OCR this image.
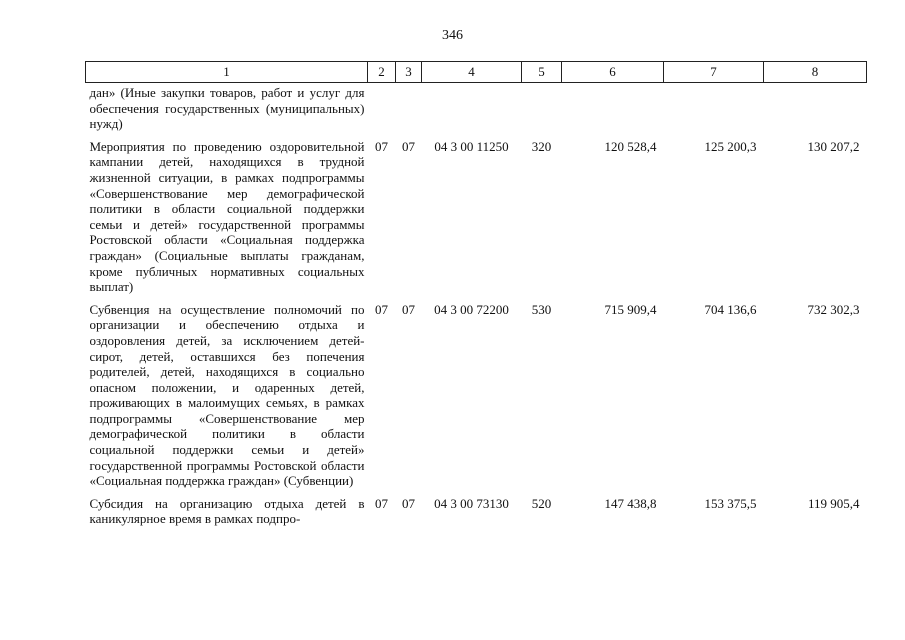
346
1	2	3	4	5	6	7	8
дан» (Иные закупки товаров, работ и услуг для обеспечения государственных (муниципальных) нужд)							
Мероприятия по проведению оздоровительной кампании детей, находящихся в трудной жизненной ситуации, в рамках подпрограммы «Совершенствование мер демографической политики в области социальной поддержки семьи и детей» государственной программы Ростовской области «Социальная поддержка граждан» (Социальные выплаты гражданам, кроме публичных нормативных социальных выплат)	07	07	04 3 00 11250	320	120 528,4	125 200,3	130 207,2
Субвенция на осуществление полномочий по организации и обеспечению отдыха и оздоровления детей, за исключением детей-сирот, детей, оставшихся без попечения родителей, детей, находящихся в социально опасном положении, и одаренных детей, проживающих в малоимущих семьях, в рамках подпрограммы «Совершенствование мер демографической политики в области социальной поддержки семьи и детей» государственной программы Ростовской области «Социальная поддержка граждан» (Субвенции)	07	07	04 3 00 72200	530	715 909,4	704 136,6	732 302,3
Субсидия на организацию отдыха детей в каникулярное время в рамках подпро-	07	07	04 3 00 73130	520	147 438,8	153 375,5	119 905,4
